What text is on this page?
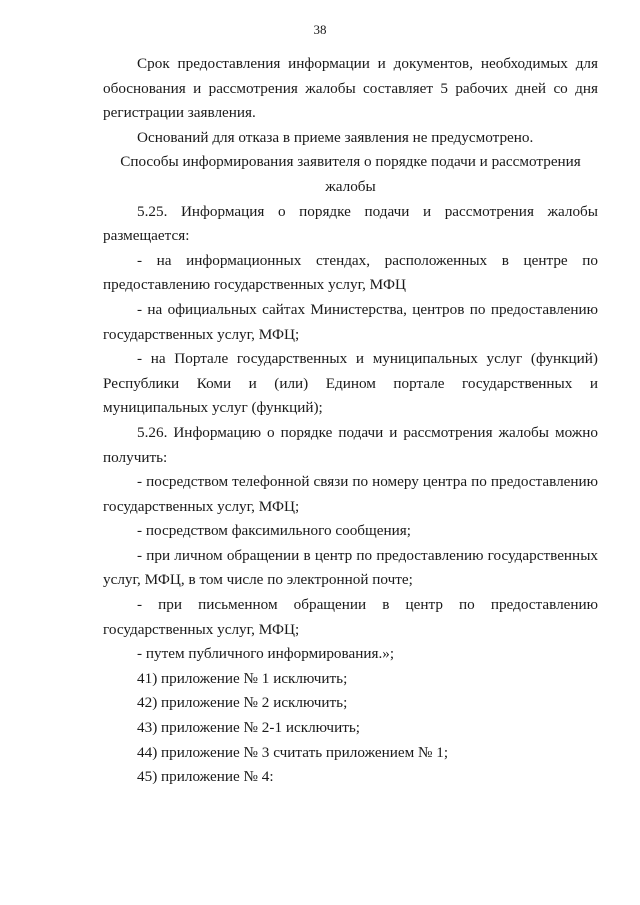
38

Срок предоставления информации и документов, необходимых для обоснования и рассмотрения жалобы составляет 5 рабочих дней со дня регистрации заявления.

Оснований для отказа в приеме заявления не предусмотрено.

Способы информирования заявителя о порядке подачи и рассмотрения жалобы

5.25. Информация о порядке подачи и рассмотрения жалобы размещается:

- на информационных стендах, расположенных в центре по предоставлению государственных услуг, МФЦ

- на официальных сайтах Министерства, центров по предоставлению государственных услуг, МФЦ;

- на Портале государственных и муниципальных услуг (функций) Республики Коми и (или) Едином портале государственных и муниципальных услуг (функций);

5.26. Информацию о порядке подачи и рассмотрения жалобы можно получить:

- посредством телефонной связи по номеру центра по предоставлению государственных услуг, МФЦ;

- посредством факсимильного сообщения;

- при личном обращении в центр по предоставлению государственных услуг, МФЦ, в том числе по электронной почте;

- при письменном обращении в центр по предоставлению государственных услуг, МФЦ;

- путем публичного информирования.»;

41) приложение № 1 исключить;

42) приложение № 2 исключить;

43) приложение № 2-1 исключить;

44) приложение № 3 считать приложением № 1;

45) приложение № 4:
